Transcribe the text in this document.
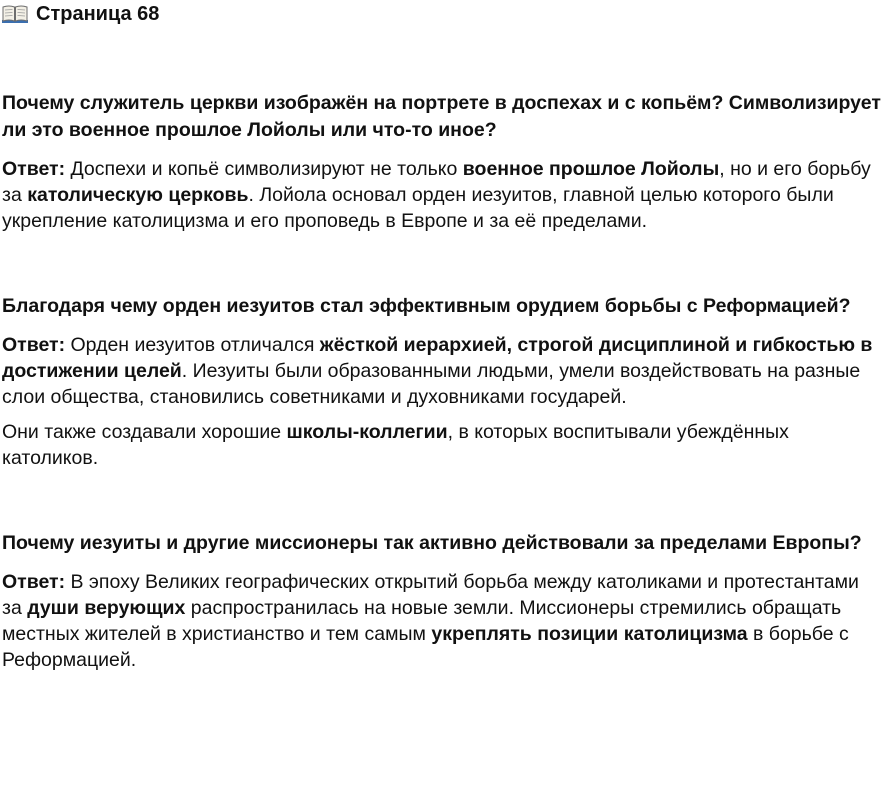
Страница 68

Почему служитель церкви изображён на портрете в доспехах и с копьём? Символизирует ли это военное прошлое Лойолы или что-то иное?

Ответ: Доспехи и копьё символизируют не только военное прошлое Лойолы, но и его борьбу за католическую церковь. Лойола основал орден иезуитов, главной целью которого были укрепление католицизма и его проповедь в Европе и за её пределами.

Благодаря чему орден иезуитов стал эффективным орудием борьбы с Реформацией?

Ответ: Орден иезуитов отличался жёсткой иерархией, строгой дисциплиной и гибкостью в достижении целей. Иезуиты были образованными людьми, умели воздействовать на разные слои общества, становились советниками и духовниками государей.

Они также создавали хорошие школы-коллегии, в которых воспитывали убеждённых католиков.

Почему иезуиты и другие миссионеры так активно действовали за пределами Европы?

Ответ: В эпоху Великих географических открытий борьба между католиками и протестантами за души верующих распространилась на новые земли. Миссионеры стремились обращать местных жителей в христианство и тем самым укреплять позиции католицизма в борьбе с Реформацией.
